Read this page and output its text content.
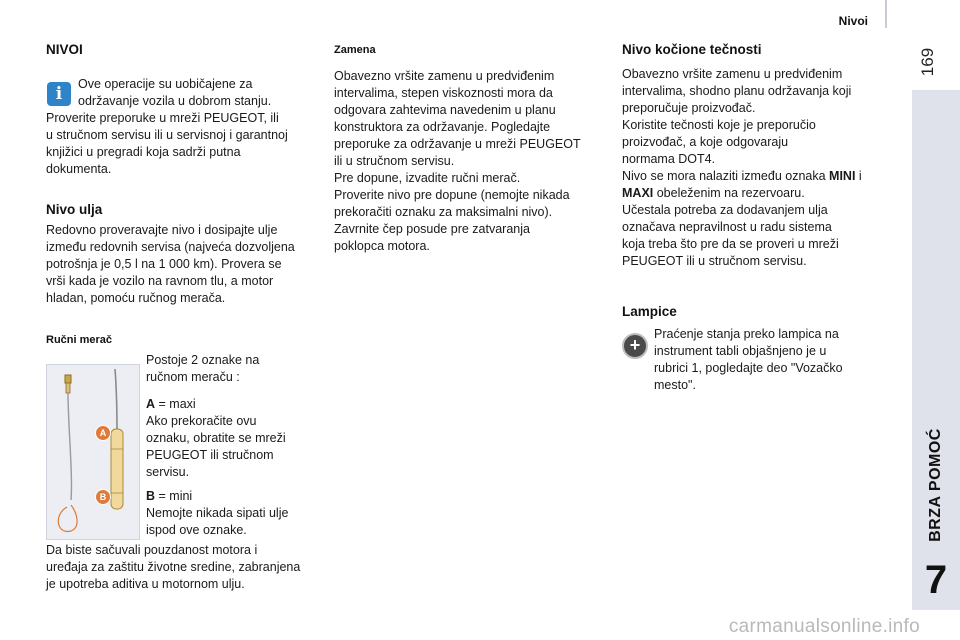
Nivoi
169
BRZA POMOĆ
7
NIVOI
i	Ove operacije su uobičajene za

održavanje vozila u dobrom stanju.

Proverite preporuke u mreži PEUGEOT, ili

u stručnom servisu ili u servisnoj i garantnoj

knjižici u pregradi koja sadrži putna

dokumenta.

Nivo ulja

Redovno proveravajte nivo i dosipajte ulje

između redovnih servisa (najveća dozvoljena

potrošnja je 0,5 l na 1 000 km). Provera se

vrši kada je vozilo na ravnom tlu, a motor

hladan, pomoću ručnog merača.

Ručni merač
A
B

Postoje 2 oznake na

ručnom meraču :

A = maxi

Ako prekoračite ovu

oznaku, obratite se mreži

PEUGEOT ili stručnom

servisu.

B = mini

Nemojte nikada sipati ulje

ispod ove oznake.

Da biste sačuvali pouzdanost motora i

uređaja za zaštitu životne sredine, zabranjena

je upotreba aditiva u motornom ulju.

Zamena

Obavezno vršite zamenu u predviđenim

intervalima, stepen viskoznosti mora da

odgovara zahtevima navedenim u planu

konstruktora za održavanje. Pogledajte

preporuke za održavanje u mreži PEUGEOT

ili u stručnom servisu.

Pre dopune, izvadite ručni merač.

Proverite nivo pre dopune (nemojte nikada

prekoračiti oznaku za maksimalni nivo).

Zavrnite čep posude pre zatvaranja

poklopca motora.

Nivo kočione tečnosti

Obavezno vršite zamenu u predviđenim

intervalima, shodno planu održavanja koji

preporučuje proizvođač.

Koristite tečnosti koje je preporučio

proizvođač, a koje odgovaraju

normama DOT4.

Nivo se mora nalaziti između oznaka MINI i

MAXI obeleženim na rezervoaru.

Učestala potreba za dodavanjem ulja

označava nepravilnost u radu sistema

koja treba što pre da se proveri u mreži

PEUGEOT ili u stručnom servisu.

Lampice
+

Praćenje stanja preko lampica na

instrument tabli objašnjeno je u

rubrici 1, pogledajte deo "Vozačko

mesto".

carmanualsonline.info
